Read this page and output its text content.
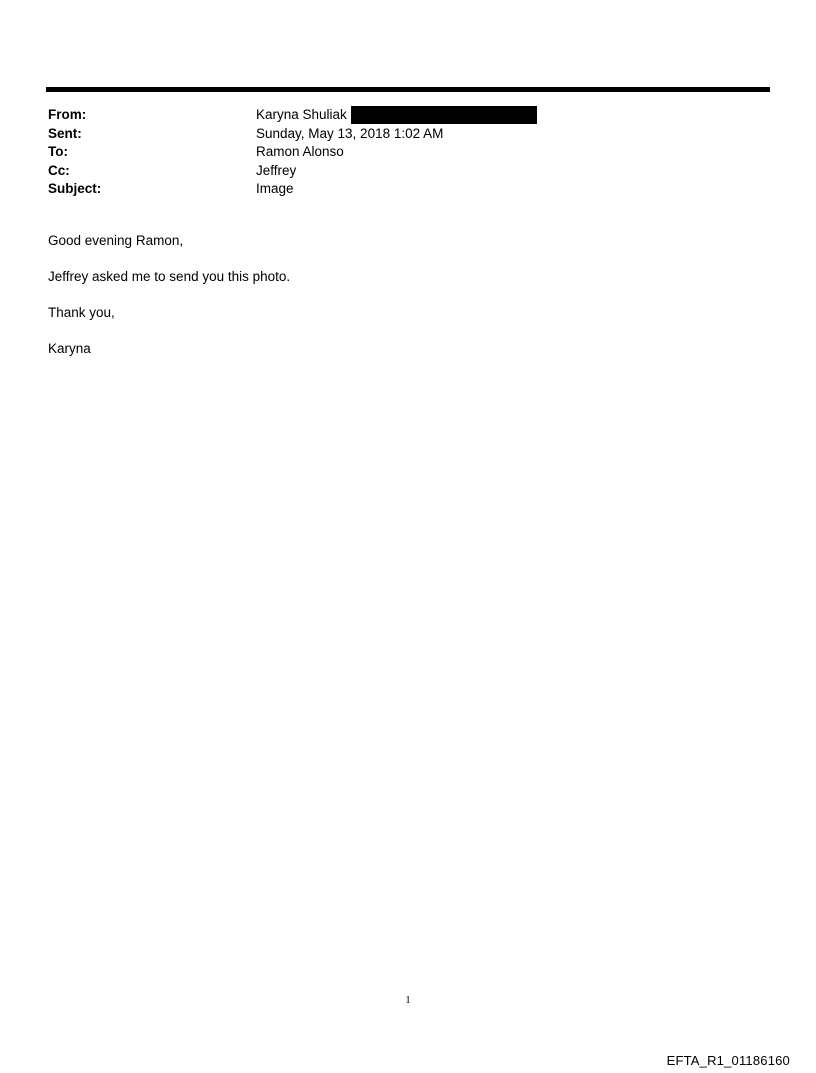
From:	Karyna Shuliak
Sent:	Sunday, May 13, 2018 1:02 AM
To:	Ramon Alonso
Cc:	Jeffrey
Subject:	Image

Good evening Ramon,

Jeffrey asked me to send you this photo.

Thank you,

Karyna

1
EFTA_R1_01186160
